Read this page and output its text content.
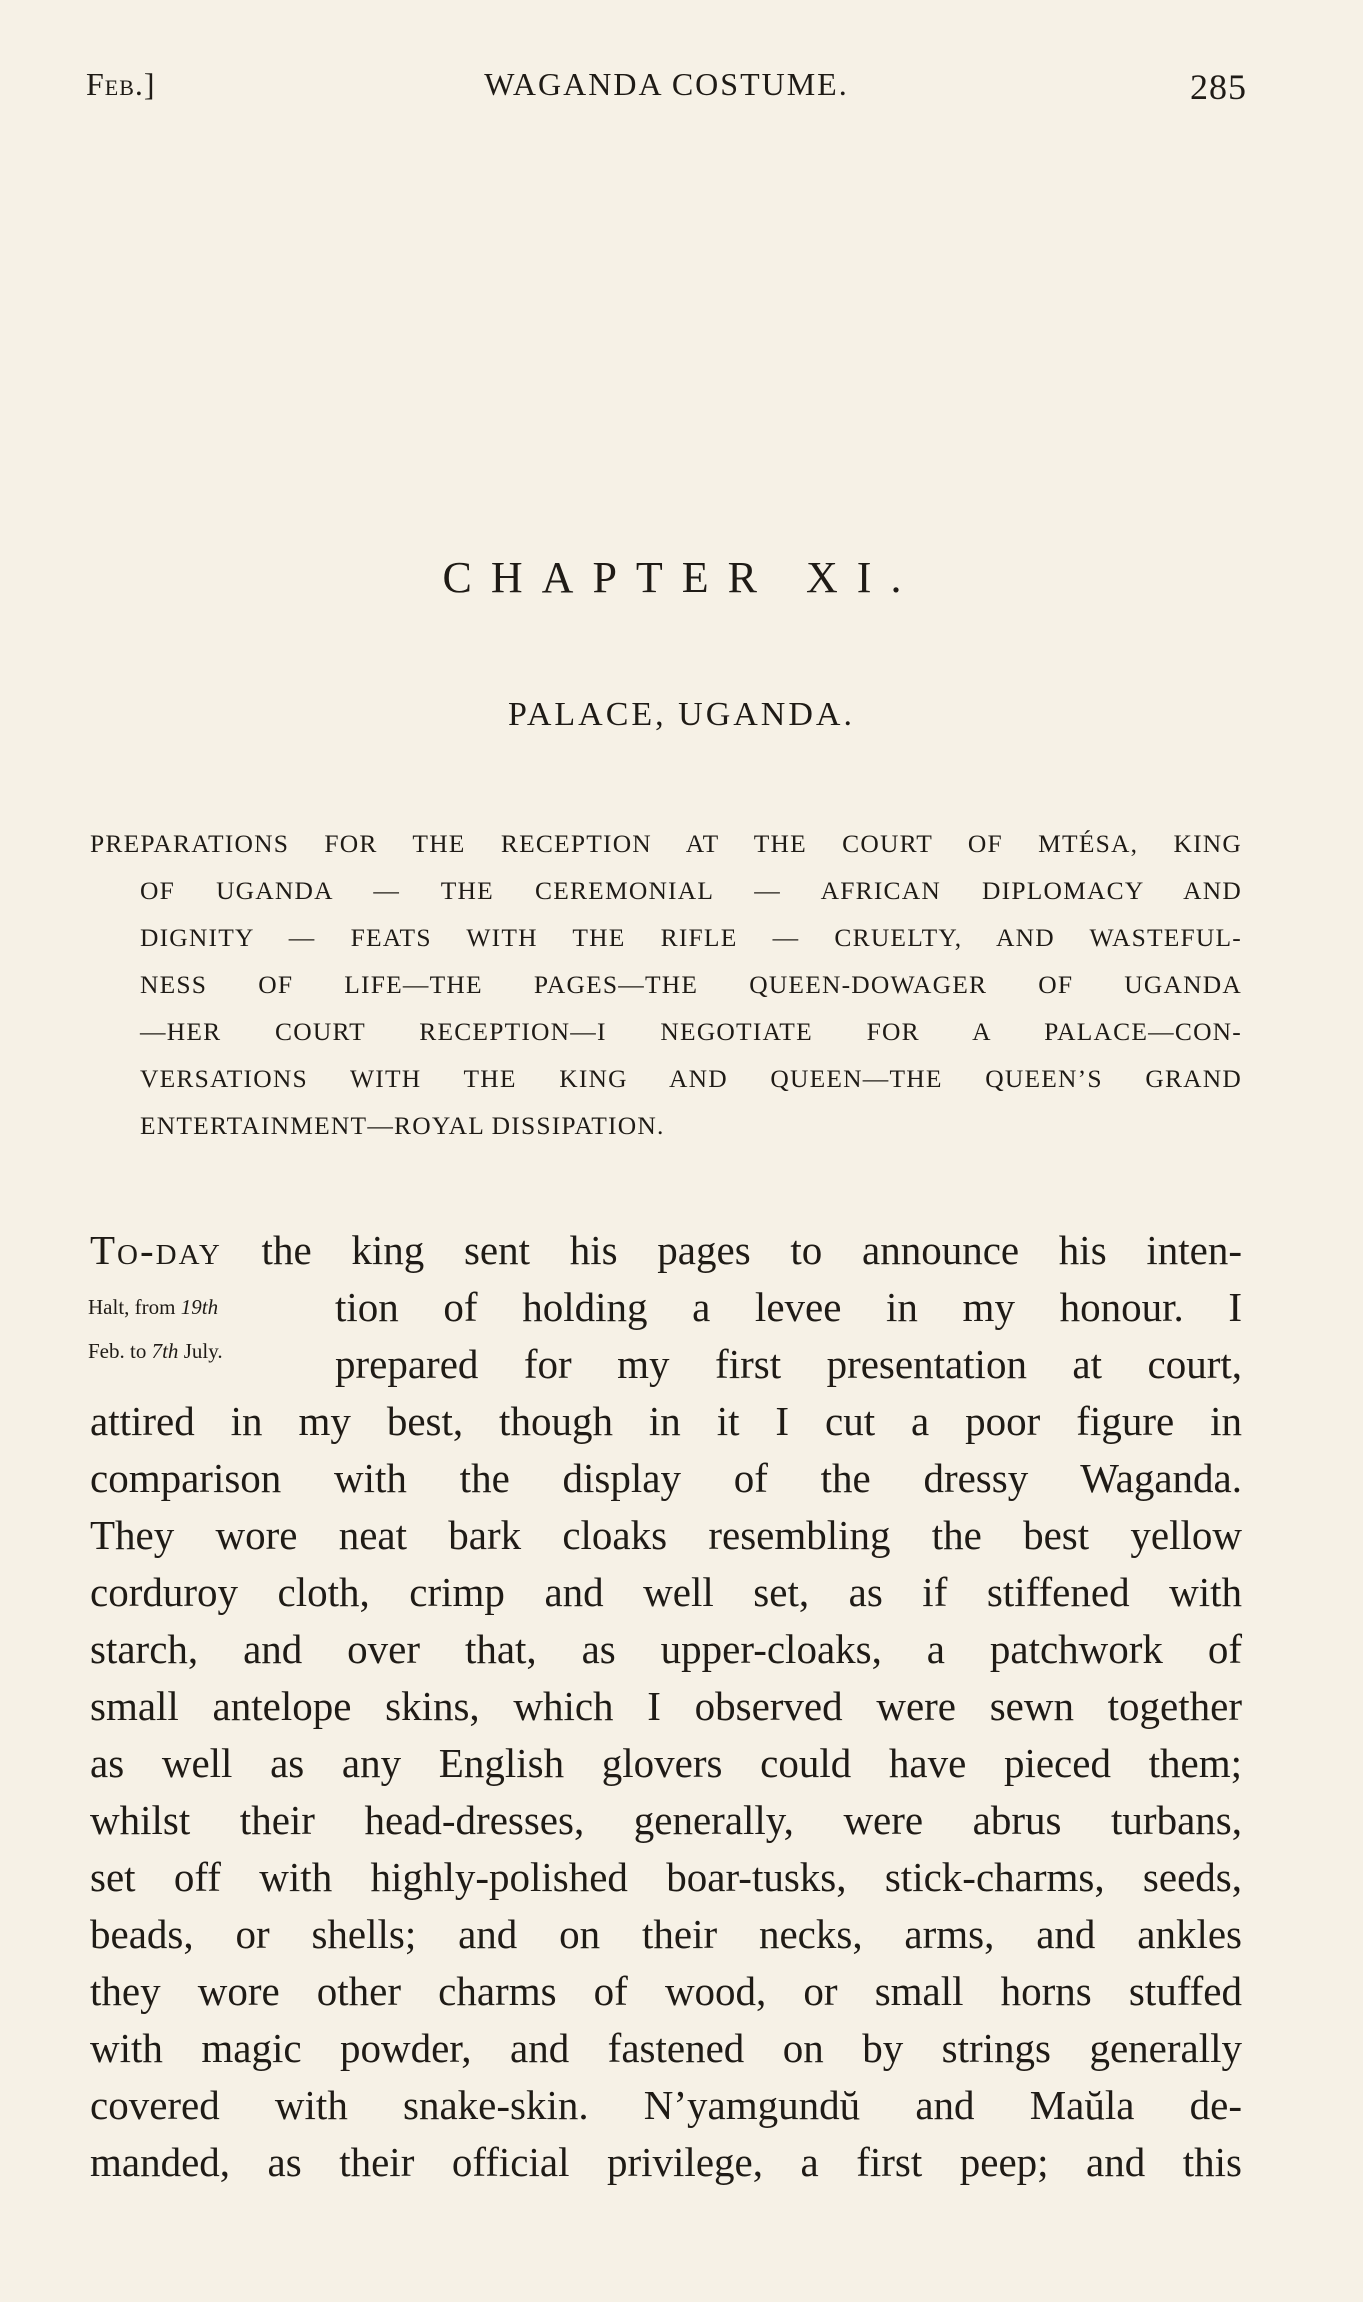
Feb.]	WAGANDA COSTUME.	285
CHAPTER XI.
PALACE, UGANDA.
PREPARATIONS FOR THE RECEPTION AT THE COURT OF MTÉSA, KING
OF UGANDA — THE CEREMONIAL — AFRICAN DIPLOMACY AND
DIGNITY — FEATS WITH THE RIFLE — CRUELTY, AND WASTEFUL-
NESS OF LIFE—THE PAGES—THE QUEEN-DOWAGER OF UGANDA
—HER COURT RECEPTION—I NEGOTIATE FOR A PALACE—CON-
VERSATIONS WITH THE KING AND QUEEN—THE QUEEN’S GRAND
ENTERTAINMENT—ROYAL DISSIPATION.
To-day the king sent his pages to announce his inten-
tion of holding a levee in my honour. I
prepared for my first presentation at court,
attired in my best, though in it I cut a poor figure in
comparison with the display of the dressy Waganda.
They wore neat bark cloaks resembling the best yellow
corduroy cloth, crimp and well set, as if stiffened with
starch, and over that, as upper-cloaks, a patchwork of
small antelope skins, which I observed were sewn together
as well as any English glovers could have pieced them;
whilst their head-dresses, generally, were abrus turbans,
set off with highly-polished boar-tusks, stick-charms, seeds,
beads, or shells; and on their necks, arms, and ankles
they wore other charms of wood, or small horns stuffed
with magic powder, and fastened on by strings generally
covered with snake-skin. N’yamgundŭ and Maŭla de-
manded, as their official privilege, a first peep; and this
Halt, from 19th
Feb. to 7th July.
